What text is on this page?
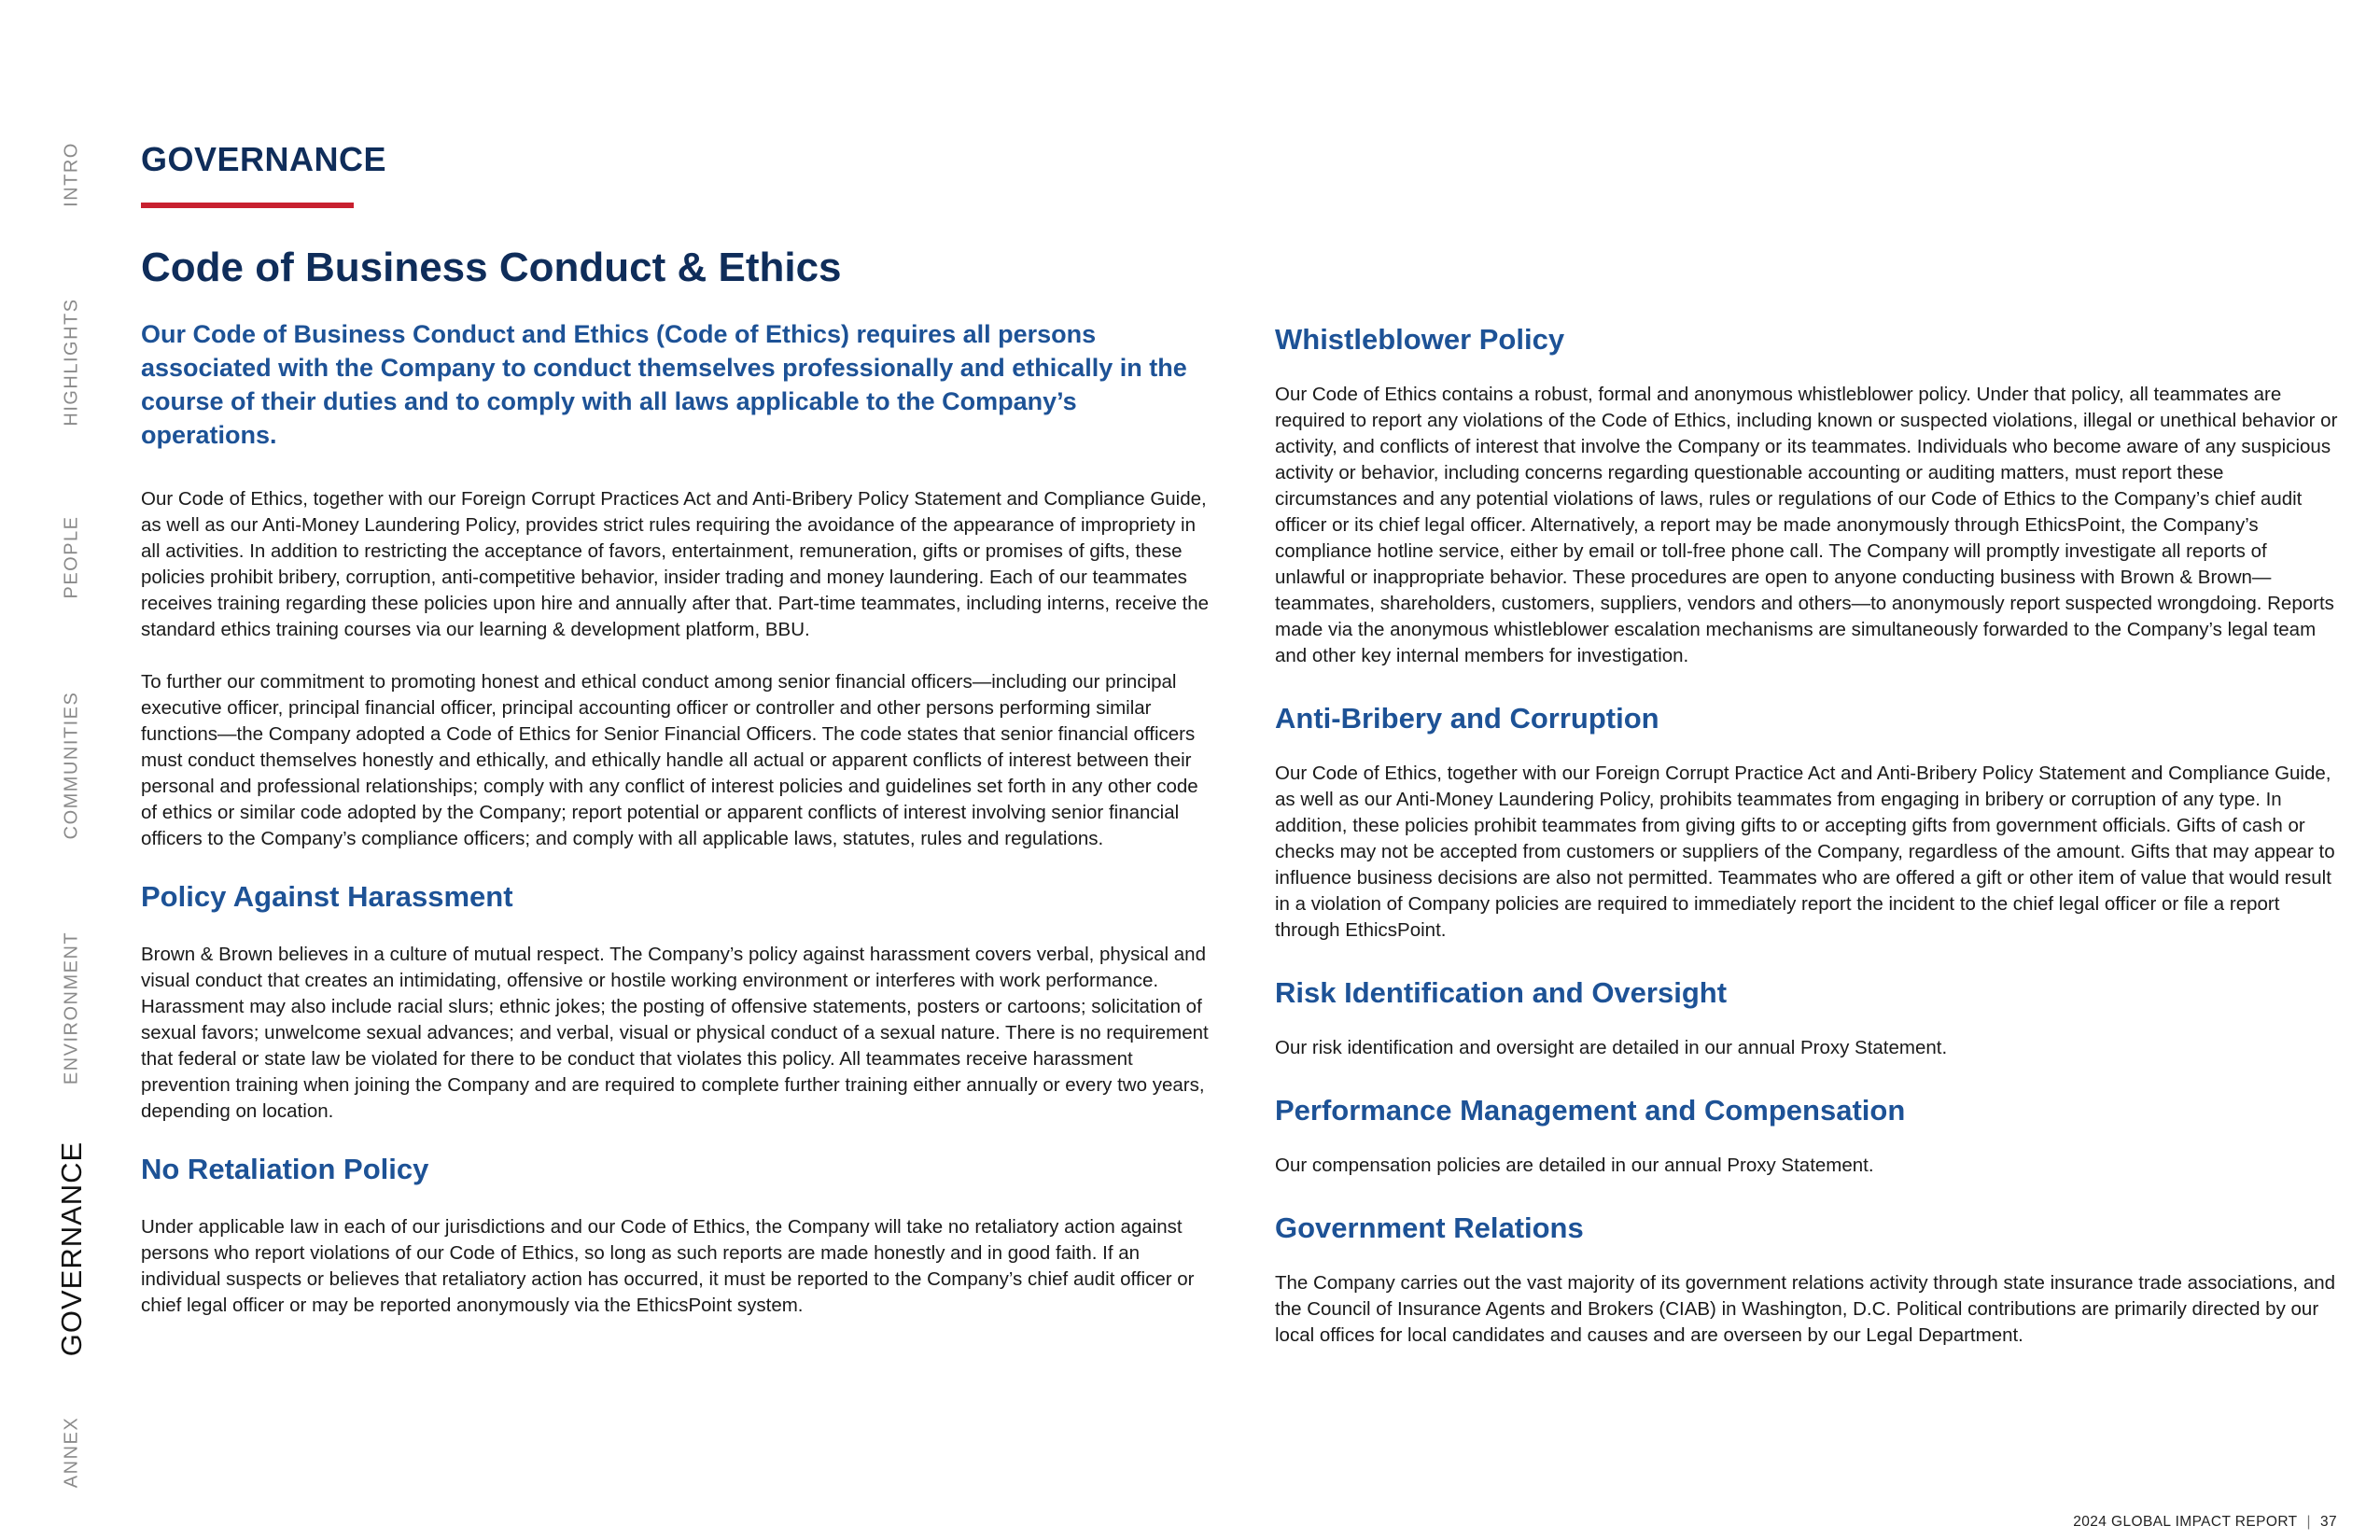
INTRO
HIGHLIGHTS
PEOPLE
COMMUNITIES
ENVIRONMENT
GOVERNANCE
ANNEX
GOVERNANCE
Code of Business Conduct & Ethics

Our Code of Business Conduct and Ethics (Code of Ethics) requires all persons associated with the Company to conduct themselves professionally and ethically in the course of their duties and to comply with all laws applicable to the Company’s operations.

Our Code of Ethics, together with our Foreign Corrupt Practices Act and Anti-Bribery Policy Statement and Compliance Guide, as well as our Anti-Money Laundering Policy, provides strict rules requiring the avoidance of the appearance of impropriety in all activities. In addition to restricting the acceptance of favors, entertainment, remuneration, gifts or promises of gifts, these policies prohibit bribery, corruption, anti-competitive behavior, insider trading and money laundering. Each of our teammates receives training regarding these policies upon hire and annually after that. Part-time teammates, including interns, receive the standard ethics training courses via our learning & development platform, BBU.

To further our commitment to promoting honest and ethical conduct among senior financial officers—including our principal executive officer, principal financial officer, principal accounting officer or controller and other persons performing similar functions—the Company adopted a Code of Ethics for Senior Financial Officers. The code states that senior financial officers must conduct themselves honestly and ethically, and ethically handle all actual or apparent conflicts of interest between their personal and professional relationships; comply with any conflict of interest policies and guidelines set forth in any other code of ethics or similar code adopted by the Company; report potential or apparent conflicts of interest involving senior financial officers to the Company’s compliance officers; and comply with all applicable laws, statutes, rules and regulations.

Policy Against Harassment

Brown & Brown believes in a culture of mutual respect. The Company’s policy against harassment covers verbal, physical and visual conduct that creates an intimidating, offensive or hostile working environment or interferes with work performance. Harassment may also include racial slurs; ethnic jokes; the posting of offensive statements, posters or cartoons; solicitation of sexual favors; unwelcome sexual advances; and verbal, visual or physical conduct of a sexual nature. There is no requirement that federal or state law be violated for there to be conduct that violates this policy. All teammates receive harassment prevention training when joining the Company and are required to complete further training either annually or every two years, depending on location.

No Retaliation Policy

Under applicable law in each of our jurisdictions and our Code of Ethics, the Company will take no retaliatory action against persons who report violations of our Code of Ethics, so long as such reports are made honestly and in good faith. If an individual suspects or believes that retaliatory action has occurred, it must be reported to the Company’s chief audit officer or chief legal officer or may be reported anonymously via the EthicsPoint system.

Whistleblower Policy

Our Code of Ethics contains a robust, formal and anonymous whistleblower policy. Under that policy, all teammates are required to report any violations of the Code of Ethics, including known or suspected violations, illegal or unethical behavior or activity, and conflicts of interest that involve the Company or its teammates. Individuals who become aware of any suspicious activity or behavior, including concerns regarding questionable accounting or auditing matters, must report these circumstances and any potential violations of laws, rules or regulations of our Code of Ethics to the Company’s chief audit officer or its chief legal officer. Alternatively, a report may be made anonymously through EthicsPoint, the Company’s compliance hotline service, either by email or toll-free phone call. The Company will promptly investigate all reports of unlawful or inappropriate behavior. These procedures are open to anyone conducting business with Brown & Brown—teammates, shareholders, customers, suppliers, vendors and others—to anonymously report suspected wrongdoing. Reports made via the anonymous whistleblower escalation mechanisms are simultaneously forwarded to the Company’s legal team and other key internal members for investigation.

Anti-Bribery and Corruption

Our Code of Ethics, together with our Foreign Corrupt Practice Act and Anti-Bribery Policy Statement and Compliance Guide, as well as our Anti-Money Laundering Policy, prohibits teammates from engaging in bribery or corruption of any type. In addition, these policies prohibit teammates from giving gifts to or accepting gifts from government officials. Gifts of cash or checks may not be accepted from customers or suppliers of the Company, regardless of the amount. Gifts that may appear to influence business decisions are also not permitted. Teammates who are offered a gift or other item of value that would result in a violation of Company policies are required to immediately report the incident to the chief legal officer or file a report through EthicsPoint.

Risk Identification and Oversight

Our risk identification and oversight are detailed in our annual Proxy Statement.

Performance Management and Compensation

Our compensation policies are detailed in our annual Proxy Statement.

Government Relations

The Company carries out the vast majority of its government relations activity through state insurance trade associations, and the Council of Insurance Agents and Brokers (CIAB) in Washington, D.C. Political contributions are primarily directed by our local offices for local candidates and causes and are overseen by our Legal Department.

2024 GLOBAL IMPACT REPORT | 37
